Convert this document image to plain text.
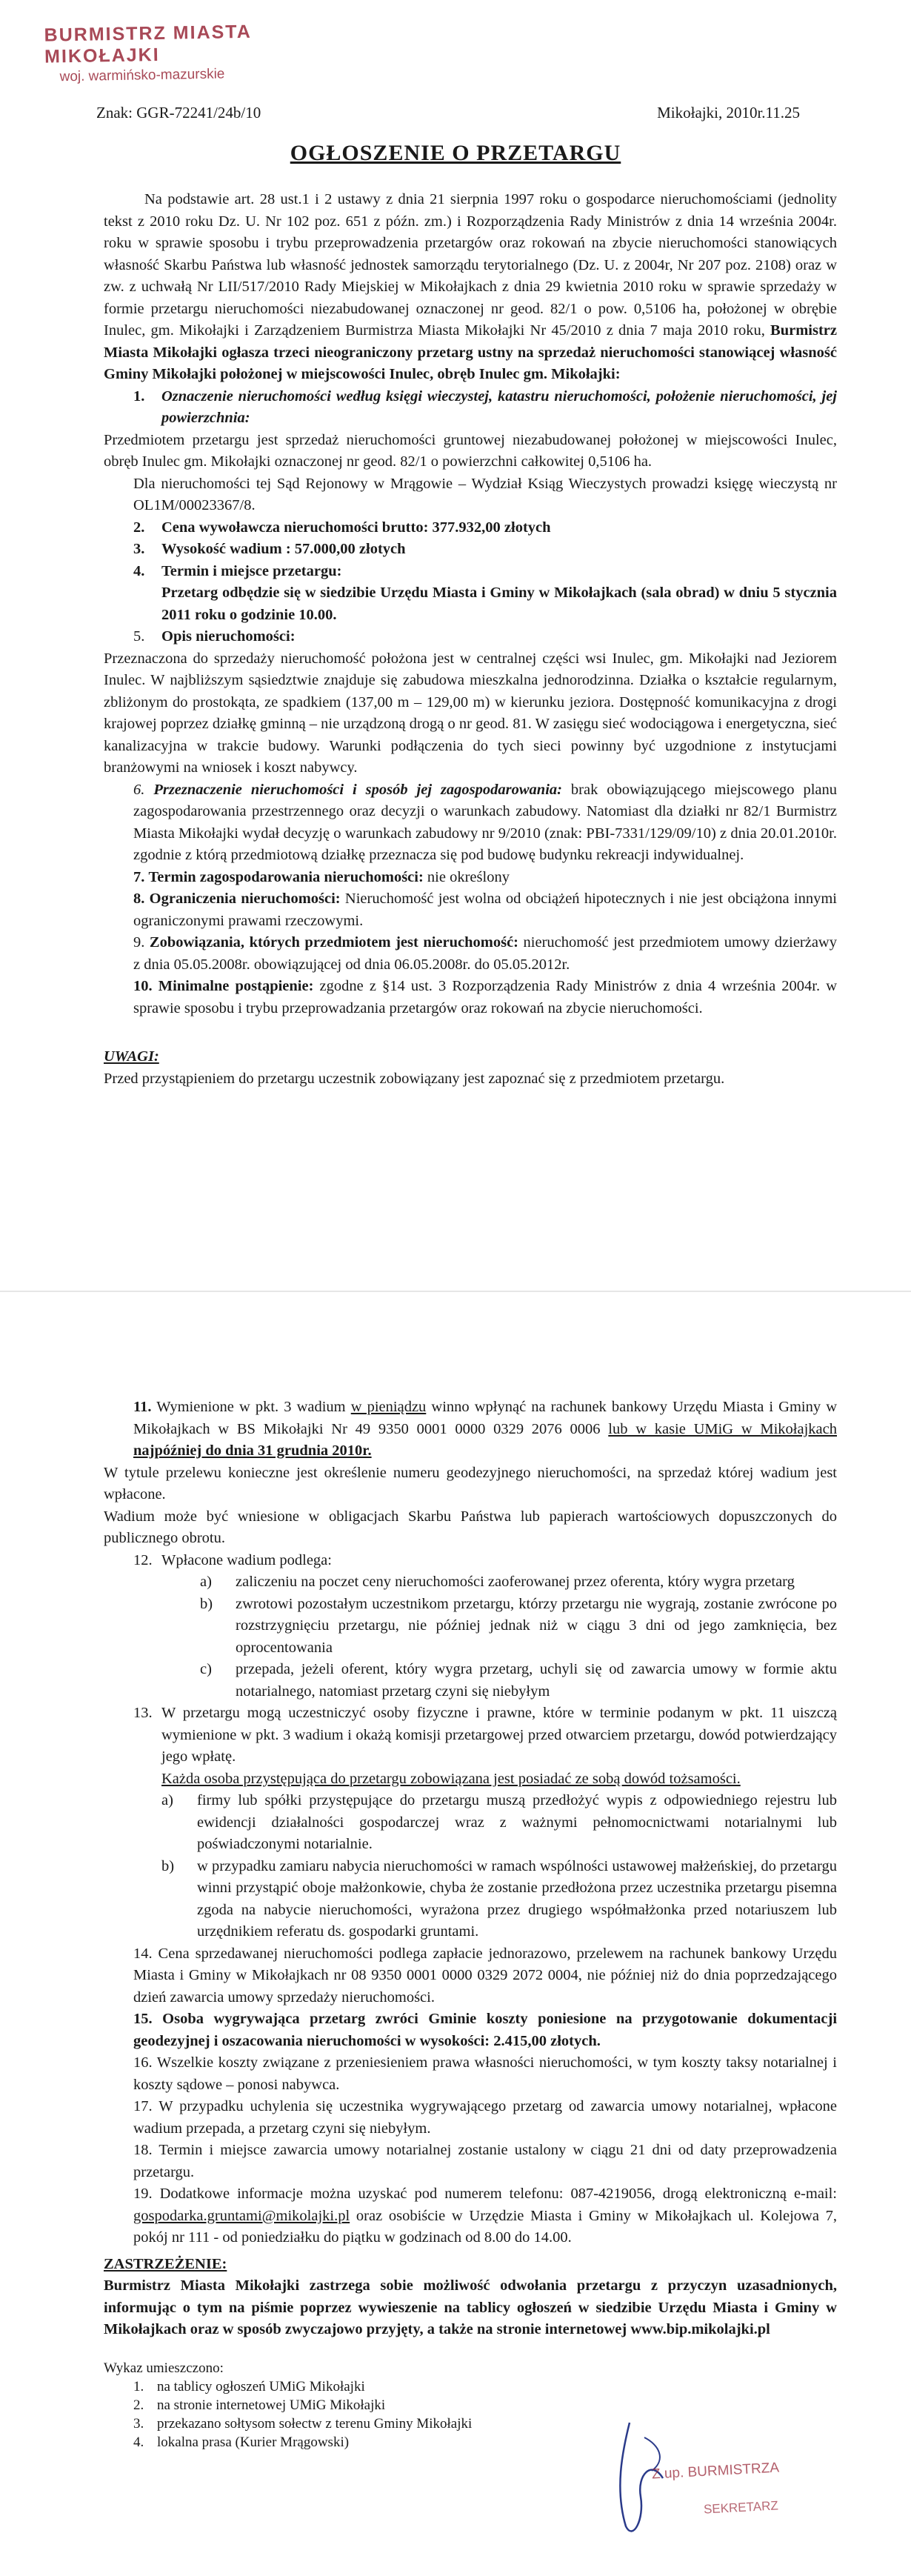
BURMISTRZ MIASTA MIKOŁAJKI
woj. warmińsko-mazurskie
Znak: GGR-72241/24b/10	Mikołajki, 2010r.11.25
OGŁOSZENIE O PRZETARGU

Na podstawie art. 28 ust.1 i 2 ustawy z dnia 21 sierpnia 1997 roku o gospodarce nieruchomościami (jednolity tekst z 2010 roku Dz. U. Nr 102 poz. 651 z późn. zm.) i Rozporządzenia Rady Ministrów z dnia 14 września 2004r. roku w sprawie sposobu i trybu przeprowadzenia przetargów oraz rokowań na zbycie nieruchomości stanowiących własność Skarbu Państwa lub własność jednostek samorządu terytorialnego (Dz. U. z 2004r, Nr 207 poz. 2108) oraz w zw. z uchwałą Nr LII/517/2010 Rady Miejskiej w Mikołajkach z dnia 29 kwietnia 2010 roku w sprawie sprzedaży w formie przetargu nieruchomości niezabudowanej oznaczonej nr geod. 82/1 o pow. 0,5106 ha, położonej w obrębie Inulec, gm. Mikołajki i Zarządzeniem Burmistrza Miasta Mikołajki Nr 45/2010 z dnia 7 maja 2010 roku, Burmistrz Miasta Mikołajki ogłasza trzeci nieograniczony przetarg ustny na sprzedaż nieruchomości stanowiącej własność Gminy Mikołajki położonej w miejscowości Inulec, obręb Inulec gm. Mikołajki:

1.	Oznaczenie nieruchomości według księgi wieczystej, katastru nieruchomości, położenie nieruchomości, jej powierzchnia:

Przedmiotem przetargu jest sprzedaż nieruchomości gruntowej niezabudowanej położonej w miejscowości Inulec, obręb Inulec gm. Mikołajki oznaczonej nr geod. 82/1 o powierzchni całkowitej 0,5106 ha.

Dla nieruchomości tej Sąd Rejonowy w Mrągowie – Wydział Ksiąg Wieczystych prowadzi księgę wieczystą nr OL1M/00023367/8.

2.	Cena wywoławcza nieruchomości brutto: 377.932,00 złotych
3.	Wysokość wadium : 57.000,00 złotych
4.	Termin i miejsce przetargu:

Przetarg odbędzie się w siedzibie Urzędu Miasta i Gminy w Mikołajkach (sala obrad) w dniu 5 stycznia 2011 roku o godzinie 10.00.

5.	Opis nieruchomości:

Przeznaczona do sprzedaży nieruchomość położona jest w centralnej części wsi Inulec, gm. Mikołajki nad Jeziorem Inulec. W najbliższym sąsiedztwie znajduje się zabudowa mieszkalna jednorodzinna. Działka o kształcie regularnym, zbliżonym do prostokąta, ze spadkiem (137,00 m – 129,00 m) w kierunku jeziora. Dostępność komunikacyjna z drogi krajowej poprzez działkę gminną – nie urządzoną drogą o nr geod. 81. W zasięgu sieć wodociągowa i energetyczna, sieć kanalizacyjna w trakcie budowy. Warunki podłączenia do tych sieci powinny być uzgodnione z instytucjami branżowymi na wniosek i koszt nabywcy.

6. Przeznaczenie nieruchomości i sposób jej zagospodarowania: brak obowiązującego miejscowego planu zagospodarowania przestrzennego oraz decyzji o warunkach zabudowy. Natomiast dla działki nr 82/1 Burmistrz Miasta Mikołajki wydał decyzję o warunkach zabudowy nr 9/2010 (znak: PBI-7331/129/09/10) z dnia 20.01.2010r. zgodnie z którą przedmiotową działkę przeznacza się pod budowę budynku rekreacji indywidualnej.

7. Termin zagospodarowania nieruchomości: nie określony

8. Ograniczenia nieruchomości: Nieruchomość jest wolna od obciążeń hipotecznych i nie jest obciążona innymi ograniczonymi prawami rzeczowymi.

9. Zobowiązania, których przedmiotem jest nieruchomość: nieruchomość jest przedmiotem umowy dzierżawy z dnia 05.05.2008r. obowiązującej od dnia 06.05.2008r. do 05.05.2012r.

10. Minimalne postąpienie: zgodne z §14 ust. 3 Rozporządzenia Rady Ministrów z dnia 4 września 2004r. w sprawie sposobu i trybu przeprowadzania przetargów oraz rokowań na zbycie nieruchomości.

UWAGI:

Przed przystąpieniem do przetargu uczestnik zobowiązany jest zapoznać się z przedmiotem przetargu.

11. Wymienione w pkt. 3 wadium w pieniądzu winno wpłynąć na rachunek bankowy Urzędu Miasta i Gminy w Mikołajkach w BS Mikołajki Nr 49 9350 0001 0000 0329 2076 0006 lub w kasie UMiG w Mikołajkach najpóźniej do dnia 31 grudnia 2010r.

W tytule przelewu konieczne jest określenie numeru geodezyjnego nieruchomości, na sprzedaż której wadium jest wpłacone.

Wadium może być wniesione w obligacjach Skarbu Państwa lub papierach wartościowych dopuszczonych do publicznego obrotu.

12. Wpłacone wadium podlega:
a)	zaliczeniu na poczet ceny nieruchomości zaoferowanej przez oferenta, który wygra przetarg
b)	zwrotowi pozostałym uczestnikom przetargu, którzy przetargu nie wygrają, zostanie zwrócone po rozstrzygnięciu przetargu, nie później jednak niż w ciągu 3 dni od jego zamknięcia, bez oprocentowania
c)	przepada, jeżeli oferent, który wygra przetarg, uchyli się od zawarcia umowy w formie aktu notarialnego, natomiast przetarg czyni się niebyłym
13. W przetargu mogą uczestniczyć osoby fizyczne i prawne, które w terminie podanym w pkt. 11 uiszczą wymienione w pkt. 3 wadium i okażą komisji przetargowej przed otwarciem przetargu, dowód potwierdzający jego wpłatę.

Każda osoba przystępująca do przetargu zobowiązana jest posiadać ze sobą dowód tożsamości.

a)	firmy lub spółki przystępujące do przetargu muszą przedłożyć wypis z odpowiedniego rejestru lub ewidencji działalności gospodarczej wraz z ważnymi pełnomocnictwami notarialnymi lub poświadczonymi notarialnie.
b)	w przypadku zamiaru nabycia nieruchomości w ramach wspólności ustawowej małżeńskiej, do przetargu winni przystąpić oboje małżonkowie, chyba że zostanie przedłożona przez uczestnika przetargu pisemna zgoda na nabycie nieruchomości, wyrażona przez drugiego współmałżonka przed notariuszem lub urzędnikiem referatu ds. gospodarki gruntami.

14. Cena sprzedawanej nieruchomości podlega zapłacie jednorazowo, przelewem na rachunek bankowy Urzędu Miasta i Gminy w Mikołajkach nr 08 9350 0001 0000 0329 2072 0004, nie później niż do dnia poprzedzającego dzień zawarcia umowy sprzedaży nieruchomości.

15. Osoba wygrywająca przetarg zwróci Gminie koszty poniesione na przygotowanie dokumentacji geodezyjnej i oszacowania nieruchomości w wysokości: 2.415,00 złotych.

16. Wszelkie koszty związane z przeniesieniem prawa własności nieruchomości, w tym koszty taksy notarialnej i koszty sądowe – ponosi nabywca.

17. W przypadku uchylenia się uczestnika wygrywającego przetarg od zawarcia umowy notarialnej, wpłacone wadium przepada, a przetarg czyni się niebyłym.

18. Termin i miejsce zawarcia umowy notarialnej zostanie ustalony w ciągu 21 dni od daty przeprowadzenia przetargu.

19. Dodatkowe informacje można uzyskać pod numerem telefonu: 087-4219056, drogą elektroniczną e-mail: gospodarka.gruntami@mikolajki.pl oraz osobiście w Urzędzie Miasta i Gminy w Mikołajkach ul. Kolejowa 7, pokój nr 111 - od poniedziałku do piątku w godzinach od 8.00 do 14.00.

ZASTRZEŻENIE:

Burmistrz Miasta Mikołajki zastrzega sobie możliwość odwołania przetargu z przyczyn uzasadnionych, informując o tym na piśmie poprzez wywieszenie na tablicy ogłoszeń w siedzibie Urzędu Miasta i Gminy w Mikołajkach oraz w sposób zwyczajowo przyjęty, a także na stronie internetowej www.bip.mikolajki.pl

Wykaz umieszczono:

1. na tablicy ogłoszeń UMiG Mikołajki
2. na stronie internetowej UMiG Mikołajki
3. przekazano sołtysom sołectw z terenu Gminy Mikołajki
4. lokalna prasa (Kurier Mrągowski)
Z up. BURMISTRZA
SEKRETARZ
